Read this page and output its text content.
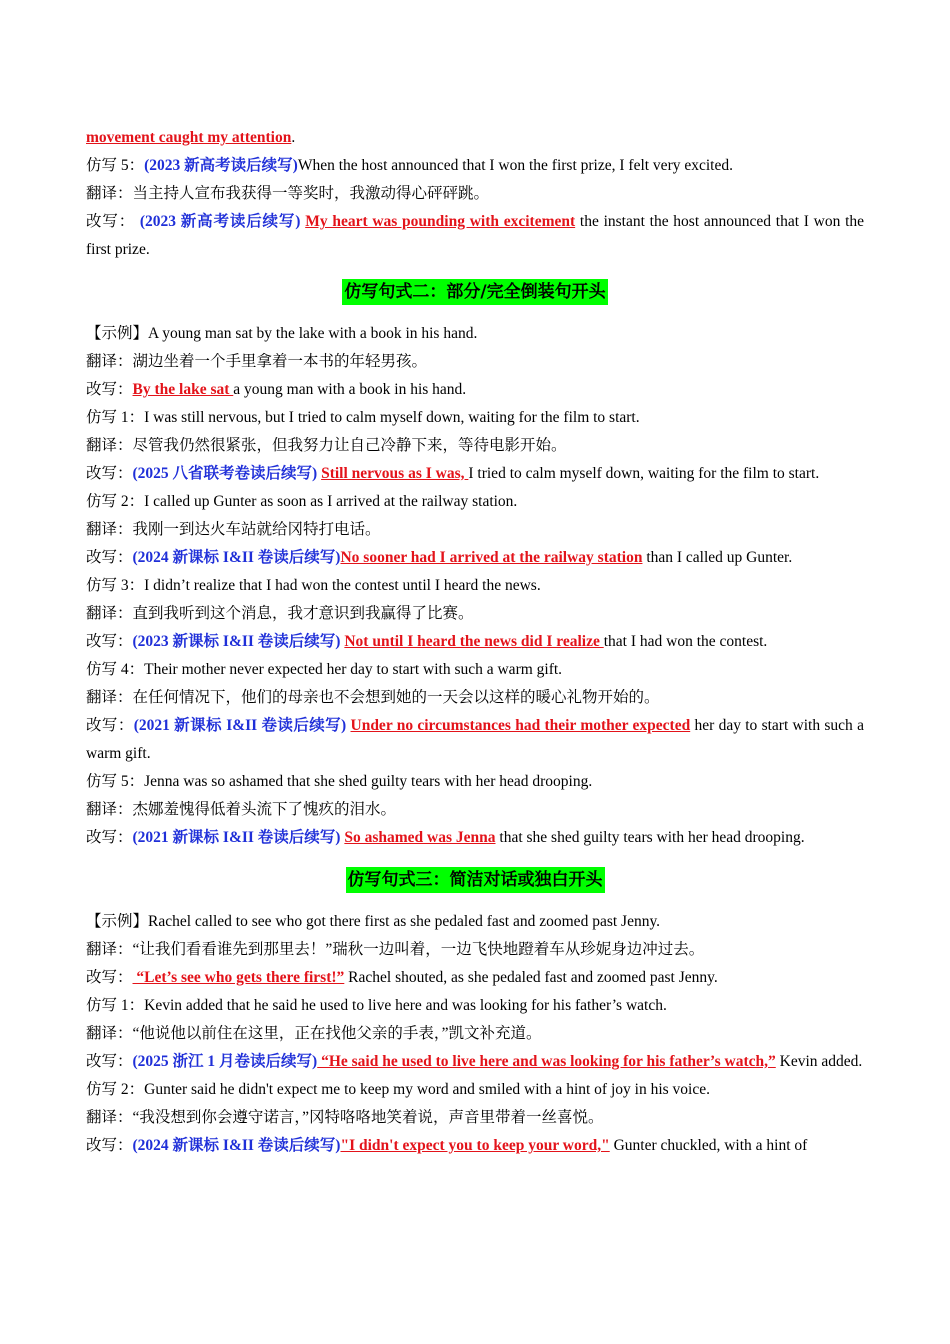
movement caught my attention.
仿写 5：(2023 新高考读后续写)When the host announced that I won the first prize, I felt very excited.
翻译：当主持人宣布我获得一等奖时，我激动得心砰砰跳。
改写： (2023 新高考读后续写) My heart was pounding with excitement the instant the host announced that I won the first prize.
仿写句式二：部分/完全倒装句开头
【示例】A young man sat by the lake with a book in his hand.
翻译：湖边坐着一个手里拿着一本书的年轻男孩。
改写：By the lake sat a young man with a book in his hand.
仿写 1：I was still nervous, but I tried to calm myself down, waiting for the film to start.
翻译：尽管我仍然很紧张，但我努力让自己冷静下来，等待电影开始。
改写：(2025 八省联考卷读后续写) Still nervous as I was, I tried to calm myself down, waiting for the film to start.
仿写 2：I called up Gunter as soon as I arrived at the railway station.
翻译：我刚一到达火车站就给冈特打电话。
改写：(2024 新课标 I&II 卷读后续写)No sooner had I arrived at the railway station than I called up Gunter.
仿写 3：I didn’t realize that I had won the contest until I heard the news.
翻译：直到我听到这个消息，我才意识到我赢得了比赛。
改写：(2023 新课标 I&II 卷读后续写) Not until I heard the news did I realize that I had won the contest.
仿写 4：Their mother never expected her day to start with such a warm gift.
翻译：在任何情况下，他们的母亲也不会想到她的一天会以这样的暖心礼物开始的。
改写：(2021 新课标 I&II 卷读后续写) Under no circumstances had their mother expected her day to start with such a warm gift.
仿写 5：Jenna was so ashamed that she shed guilty tears with her head drooping.
翻译：杰娜羞愧得低着头流下了愧疚的泪水。
改写：(2021 新课标 I&II 卷读后续写) So ashamed was Jenna that she shed guilty tears with her head drooping.
仿写句式三：简洁对话或独白开头
【示例】Rachel called to see who got there first as she pedaled fast and zoomed past Jenny.
翻译：“让我们看看谁先到那里去！”瑞秋一边叫着，一边飞快地蹬着车从珍妮身边冲过去。
改写： “Let’s see who gets there first!” Rachel shouted, as she pedaled fast and zoomed past Jenny.
仿写 1：Kevin added that he said he used to live here and was looking for his father’s watch.
翻译：“他说他以前住在这里，正在找他父亲的手表，”凯文补充道。
改写：(2025 浙江 1 月卷读后续写) “He said he used to live here and was looking for his father’s watch,” Kevin added.
仿写 2：Gunter said he didn't expect me to keep my word and smiled with a hint of joy in his voice.
翻译：“我没想到你会遵守诺言，”冈特咯咯地笑着说，声音里带着一丝喜悦。
改写：(2024 新课标 I&II 卷读后续写)"I didn't expect you to keep your word," Gunter chuckled, with a hint of
